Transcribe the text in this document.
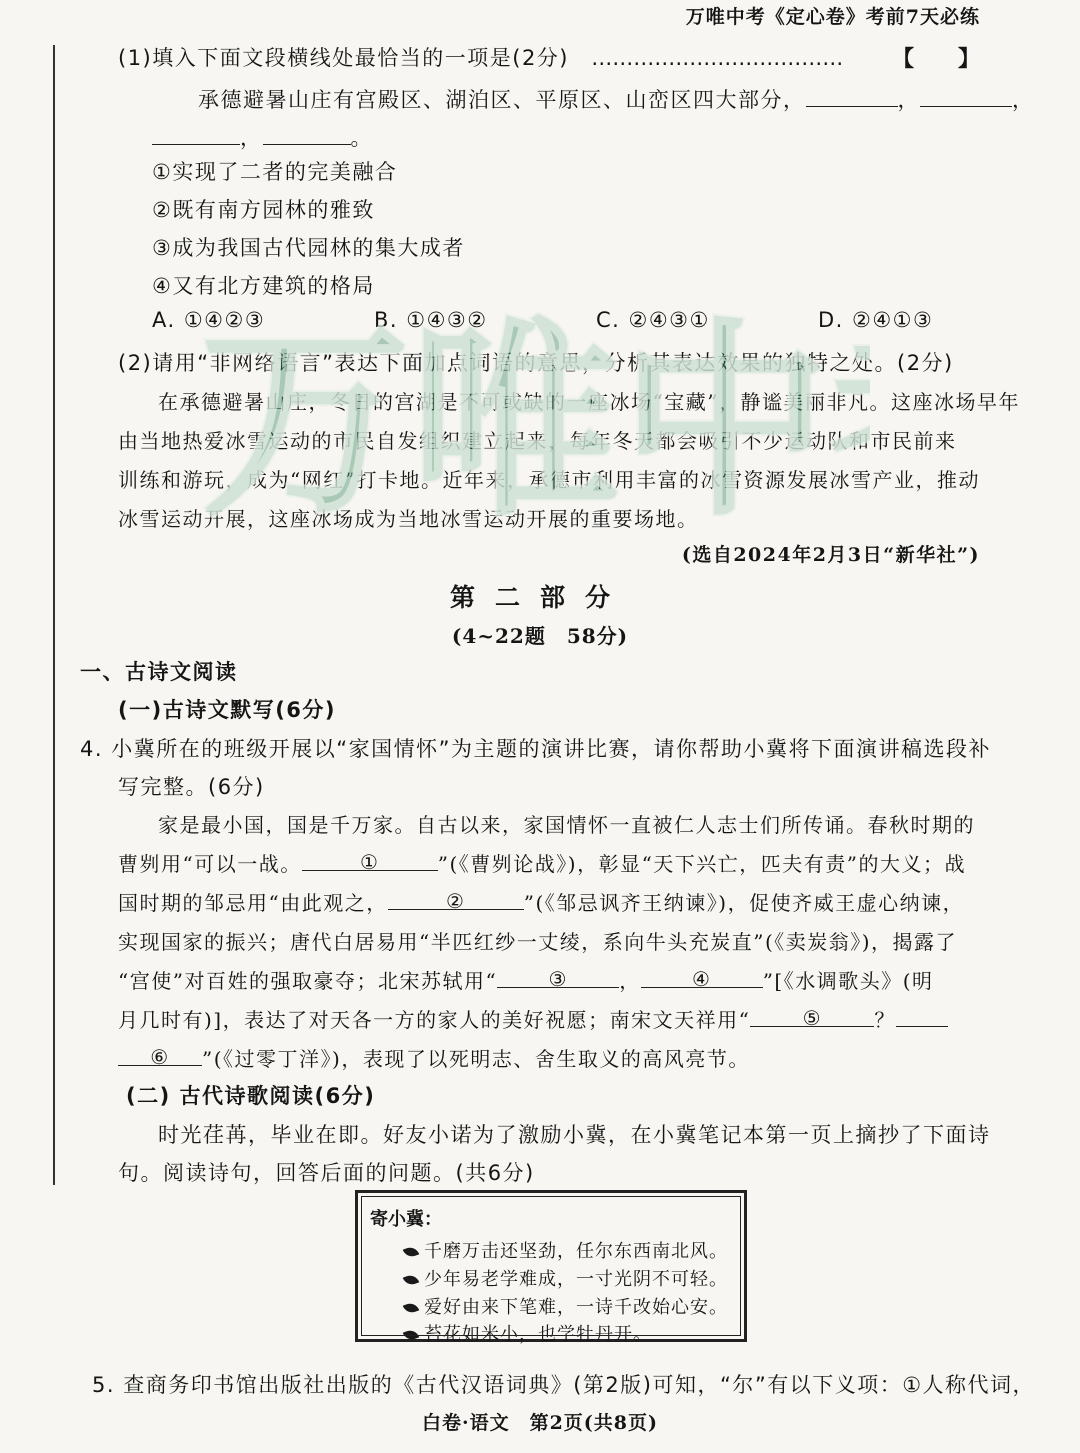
万唯中考《定心卷》考前7天必练
(1)填入下面文段横线处最恰当的一项是(2分) ……………………………… 【　　】
承德避暑山庄有宫殿区、湖泊区、平原区、山峦区四大部分，	，	，
，	。
①实现了二者的完美融合
②既有南方园林的雅致
③成为我国古代园林的集大成者
④又有北方建筑的格局
A. ①④②③	B. ①④③②	C. ②④③①	D. ②④①③
(2)请用“非网络语言”表达下面加点词语的意思，分析其表达效果的独特之处。(2分)
在承德避暑山庄，冬日的宫湖是不可或缺的一座冰场“宝藏”，静谧美丽非凡。这座冰场早年
由当地热爱冰雪运动的市民自发组织建立起来，每年冬天都会吸引不少运动队和市民前来
训练和游玩，成为“网红”打卡地。近年来，承德市利用丰富的冰雪资源发展冰雪产业，推动
冰雪运动开展，这座冰场成为当地冰雪运动开展的重要场地。
(选自2024年2月3日“新华社”)
万唯中
第二部分
(4~22题　58分)
一、古诗文阅读
(一)古诗文默写(6分)
4. 小冀所在的班级开展以“家国情怀”为主题的演讲比赛，请你帮助小冀将下面演讲稿选段补
写完整。(6分)
家是最小国，国是千万家。自古以来，家国情怀一直被仁人志士们所传诵。春秋时期的
曹刿用“可以一战。	①	”(《曹刿论战》)，彰显“天下兴亡，匹夫有责”的大义；战
国时期的邹忌用“由此观之，	②	”(《邹忌讽齐王纳谏》)，促使齐威王虚心纳谏，
实现国家的振兴；唐代白居易用“半匹红纱一丈绫，系向牛头充炭直”(《卖炭翁》)，揭露了
“宫使”对百姓的强取豪夺；北宋苏轼用“	③	，	④	”[《水调歌头》(明
月几时有)]，表达了对天各一方的家人的美好祝愿；南宋文天祥用“	⑤	？
⑥ ”(《过零丁洋》)，表现了以死明志、舍生取义的高风亮节。
(二) 古代诗歌阅读(6分)
时光荏苒，毕业在即。好友小诺为了激励小冀，在小冀笔记本第一页上摘抄了下面诗
句。阅读诗句，回答后面的问题。(共6分)
寄小冀：
千磨万击还坚劲，任尔东西南北风。
少年易老学难成，一寸光阴不可轻。
爱好由来下笔难，一诗千改始心安。
苔花如米小，也学牡丹开。
5. 查商务印书馆出版社出版的《古代汉语词典》(第2版)可知，“尔”有以下义项：①人称代词，
白卷·语文　第2页(共8页)
